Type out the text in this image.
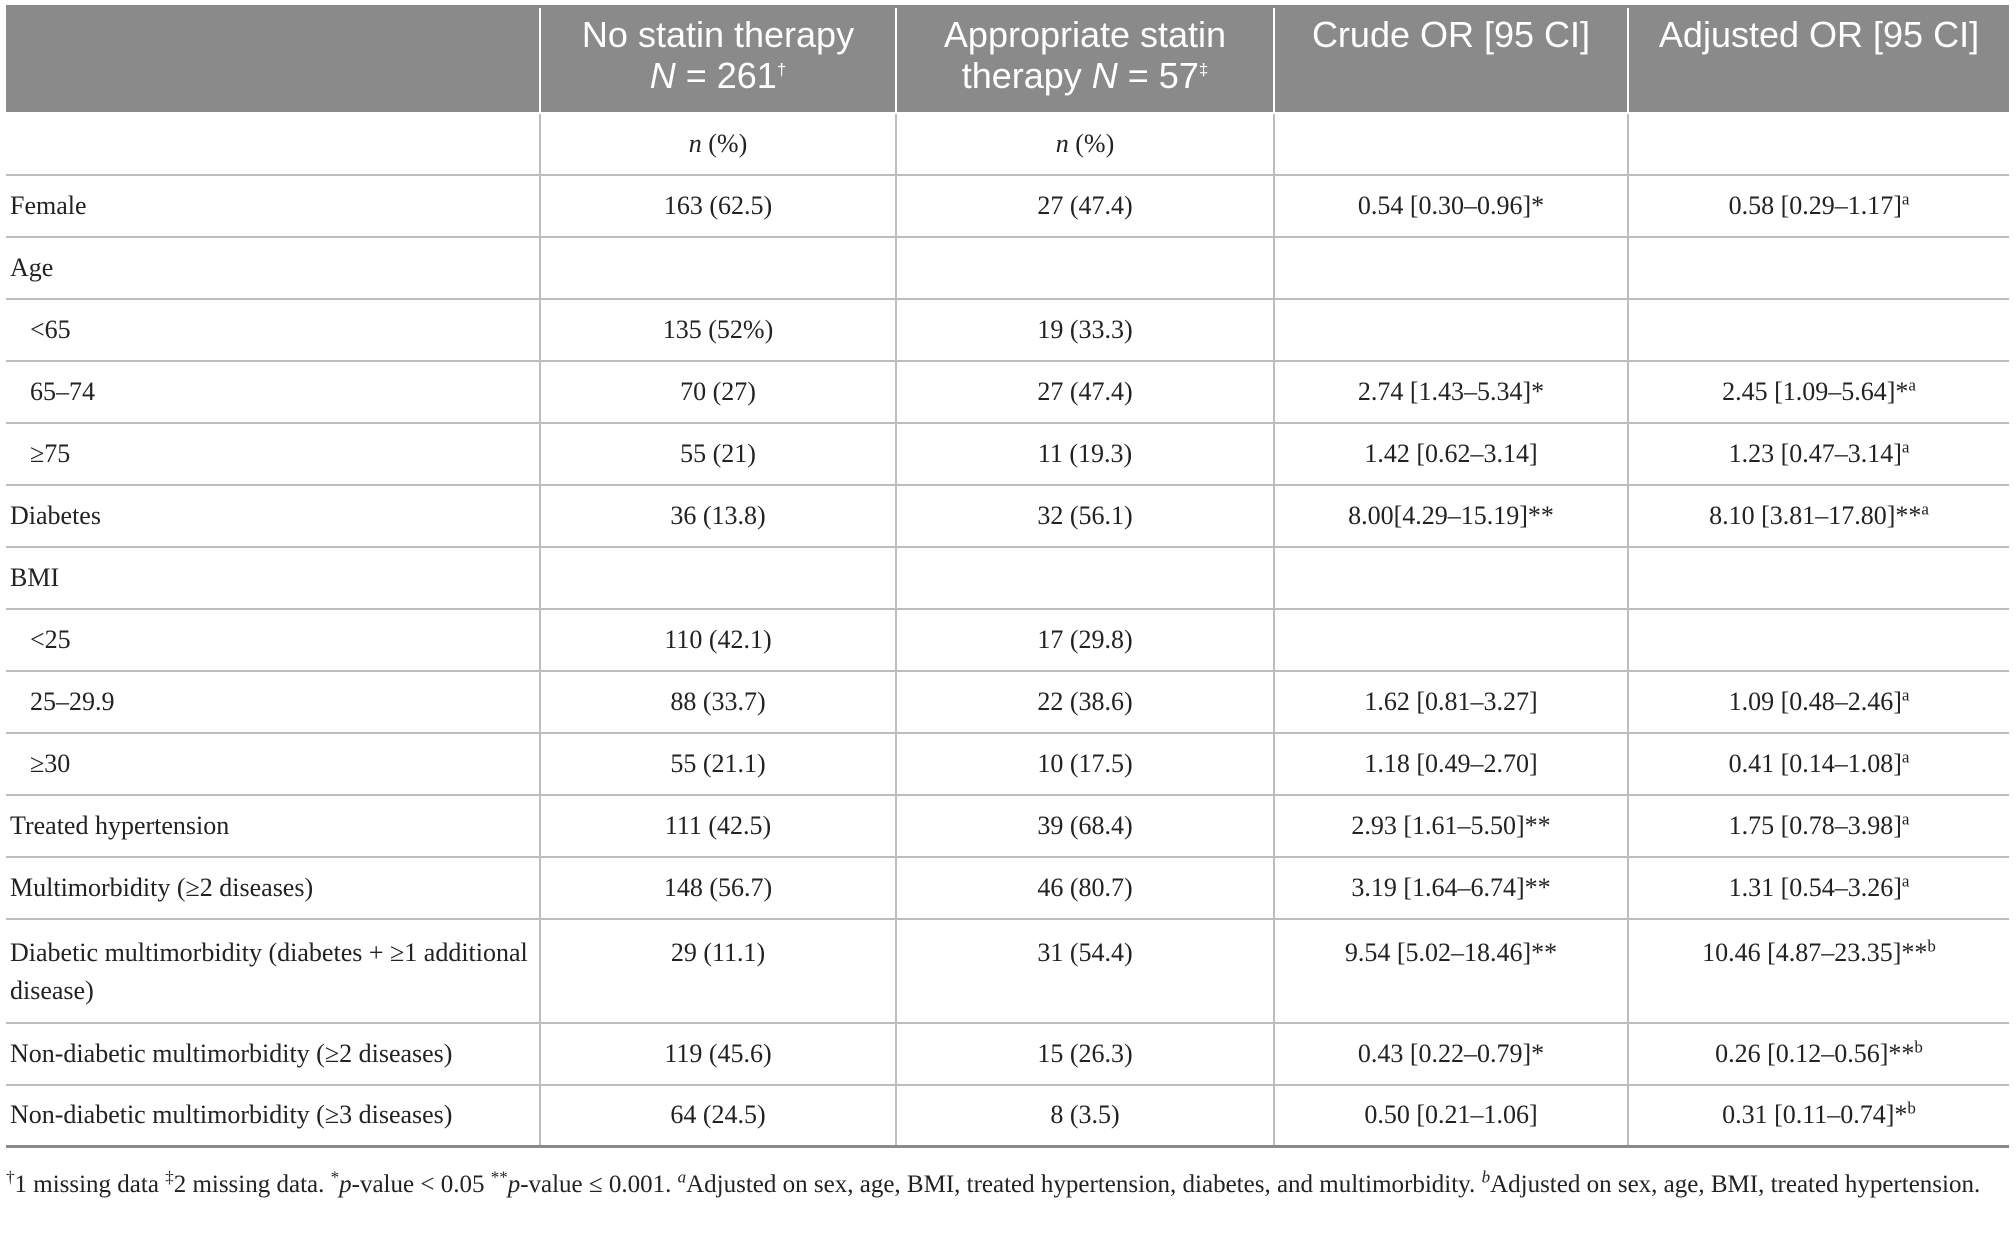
	No statin therapy
N = 261†	Appropriate statin
therapy N = 57‡	Crude OR [95 CI]	Adjusted OR [95 CI]
	n (%)	n (%)		
Female	163 (62.5)	27 (47.4)	0.54 [0.30–0.96]*	0.58 $[0.29-1.17]^a$
Age				
<65	135 (52%)	19 (33.3)		
65–74	70 (27)	27 (47.4)	2.74 [1.43–5.34]*	2.45 [1.09–5.64]*$^a$
≥75	55 (21)	11 (19.3)	1.42 [0.62–3.14]	1.23 $[0.47-3.14]^a$
Diabetes	36 (13.8)	32 (56.1)	8.00[4.29–15.19]**	8.10 [3.81–17.80]**$^a$
BMI				
<25	110 (42.1)	17 (29.8)		
25–29.9	88 (33.7)	22 (38.6)	1.62 [0.81–3.27]	1.09 $[0.48-2.46]^a$
≥30	55 (21.1)	10 (17.5)	1.18 [0.49–2.70]	0.41 $[0.14-1.08]^a$
Treated hypertension	111 (42.5)	39 (68.4)	2.93 [1.61–5.50]**	1.75 $[0.78-3.98]^a$
Multimorbidity (≥2 diseases)	148 (56.7)	46 (80.7)	3.19 [1.64–6.74]**	1.31 $[0.54-3.26]^a$
Diabetic multimorbidity (diabetes + ≥1 additional disease)	29 (11.1)	31 (54.4)	9.54 [5.02–18.46]**	10.46 [4.87–23.35]**$^b$
Non-diabetic multimorbidity (≥2 diseases)	119 (45.6)	15 (26.3)	0.43 [0.22–0.79]*	0.26 [0.12–0.56]**$^b$
Non-diabetic multimorbidity (≥3 diseases)	64 (24.5)	8 (3.5)	0.50 [0.21–1.06]	0.31 [0.11–0.74]*$^b$
†1 missing data ‡2 missing data. *p-value < 0.05 **p-value ≤ 0.001. $^a$Adjusted on sex, age, BMI, treated hypertension, diabetes, and multimorbidity. $^b$Adjusted on sex, age, BMI, treated hypertension.
